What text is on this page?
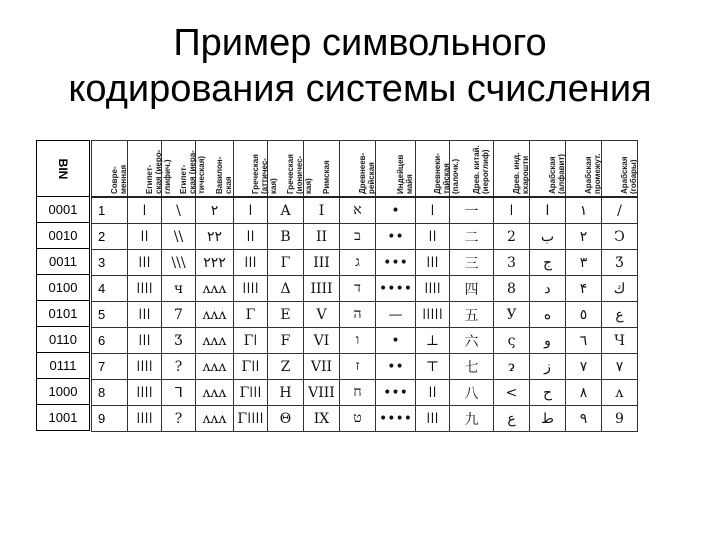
Пример символьного
кодирования системы счисления
BIN

0001
0010
0011
0100
0101
0110
0111
1000
1001
Совре-
менная	Египет-
ская (иеро-
глифич.)	Египет-
ская (иера-
тическая)	Вавилон-
ская	Греческая
(аттичес-
кая)	Греческая
(ионичес-
кая)	Римская	Древнеев-
рейская	Индейцев
майя	Древнеки-
тайская
(палочк.)	Древ. китай.
(иероглиф)	Древ. инд.
кхарошти	Арабская
(алфавит)	Арабская
промежут.	Арабская
(гобары)

1	ǀ	\	۲	ǀ	Α	I	א	•	ǀ	一	ǀ	ا	۱	/
2	ǀǀ	\\	۲۲	ǀǀ	Β	II	ב	••	ǀǀ	二	2	ب	۲	Ͻ
3	ǀǀǀ	\\\	۲۲۲	ǀǀǀ	Γ	III	ג	•••	ǀǀǀ	三	3	ج	۳	Ʒ
4	ǀǀǀǀ	ч	ᴧᴧᴧ	ǀǀǀǀ	Δ	IIII	ד	••••	ǀǀǀǀ	四	8	د	۴	ك
5	ǀǀǀ	7	ᴧᴧᴧ	Γ	Ε	V	ה	—	ǀǀǀǀǀ	五	У	ه	٥	ع
6	ǀǀǀ	Ӡ	ᴧᴧᴧ	Γǀ	F	VI	ו	•	⊥	六	ς	و	٦	Ч
7	ǀǀǀǀ	?	ᴧᴧᴧ	Γǀǀ	Ζ	VII	ז	••	⊤	七	ɂ	ز	٧	٧
8	ǀǀǀǀ	ᒣ	ᴧᴧᴧ	Γǀǀǀ	Η	VIII	ח	•••	ǀǀ	八	<	ح	٨	ʌ
9	ǀǀǀǀ	?	ᴧᴧᴧ	Γǀǀǀǀ	Θ	IX	ט	••••	ǀǀǀ	九	ع	ط	٩	9
